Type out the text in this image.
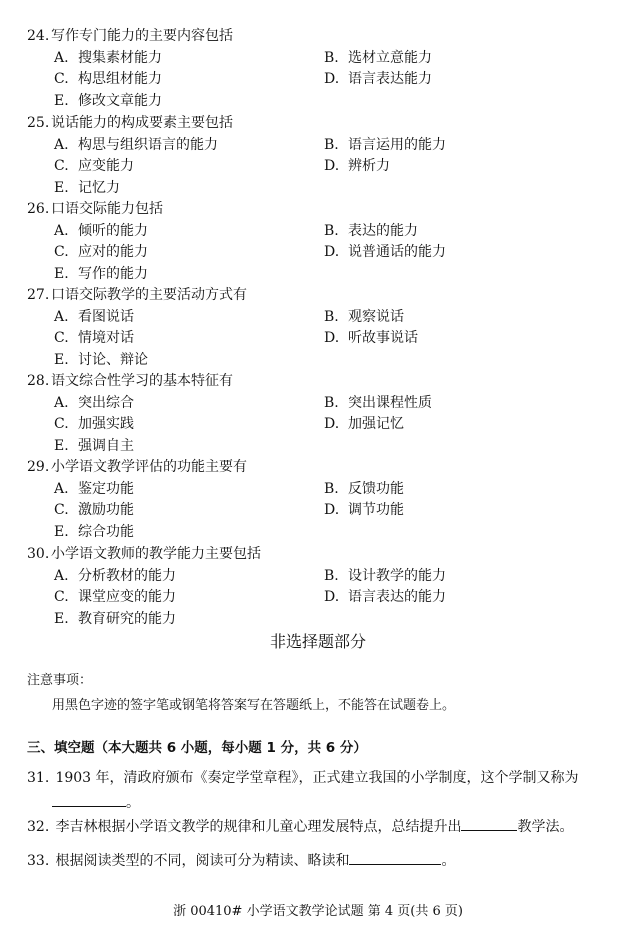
24. 写作专门能力的主要内容包括
A. 搜集素材能力	B. 选材立意能力
C. 构思组材能力	D. 语言表达能力
E. 修改文章能力
25. 说话能力的构成要素主要包括
A. 构思与组织语言的能力	B. 语言运用的能力
C. 应变能力	D. 辨析力
E. 记忆力
26. 口语交际能力包括
A. 倾听的能力	B. 表达的能力
C. 应对的能力	D. 说普通话的能力
E. 写作的能力
27. 口语交际教学的主要活动方式有
A. 看图说话	B. 观察说话
C. 情境对话	D. 听故事说话
E. 讨论、辩论
28. 语文综合性学习的基本特征有
A. 突出综合	B. 突出课程性质
C. 加强实践	D. 加强记忆
E. 强调自主
29. 小学语文教学评估的功能主要有
A. 鉴定功能	B. 反馈功能
C. 激励功能	D. 调节功能
E. 综合功能
30. 小学语文教师的教学能力主要包括
A. 分析教材的能力	B. 设计教学的能力
C. 课堂应变的能力	D. 语言表达的能力
E. 教育研究的能力
非选择题部分
注意事项：
用黑色字迹的签字笔或钢笔将答案写在答题纸上，不能答在试题卷上。
三、填空题（本大题共 6 小题，每小题 1 分，共 6 分）
31. 1903 年，清政府颁布《奏定学堂章程》，正式建立我国的小学制度，这个学制又称为
。
32. 李吉林根据小学语文教学的规律和儿童心理发展特点，总结提升出	教学法。
33. 根据阅读类型的不同，阅读可分为精读、略读和	。
浙 00410# 小学语文教学论试题 第 4 页(共 6 页)
